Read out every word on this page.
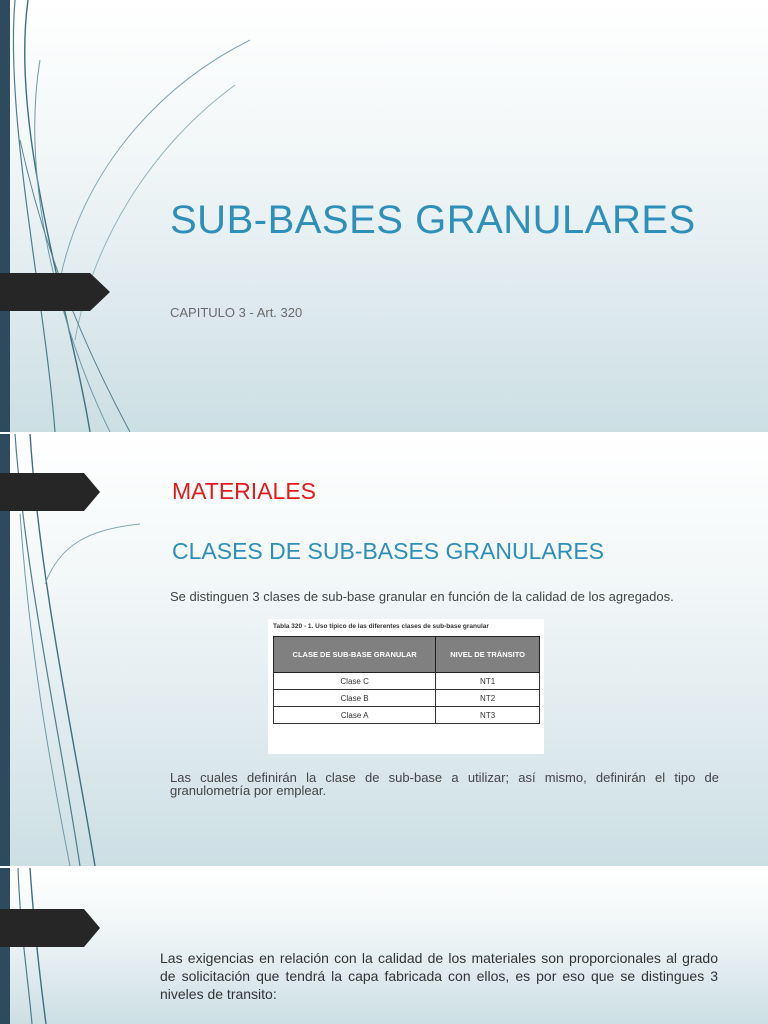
SUB-BASES GRANULARES

CAPITULO 3 - Art. 320

MATERIALES
CLASES DE SUB-BASES GRANULARES

Se distinguen 3 clases de sub-base granular en función de la calidad de los agregados.

Tabla 320 - 1. Uso típico de las diferentes clases de sub-base granular
CLASE DE SUB-BASE GRANULAR	NIVEL DE TRÁNSITO
Clase C	NT1
Clase B	NT2
Clase A	NT3

Las cuales definirán la clase de sub-base a utilizar; así mismo, definirán el tipo de granulometría por emplear.

Las exigencias en relación con la calidad de los materiales son proporcionales al grado de solicitación que tendrá la capa fabricada con ellos, es por eso que se distingues 3 niveles de transito:
